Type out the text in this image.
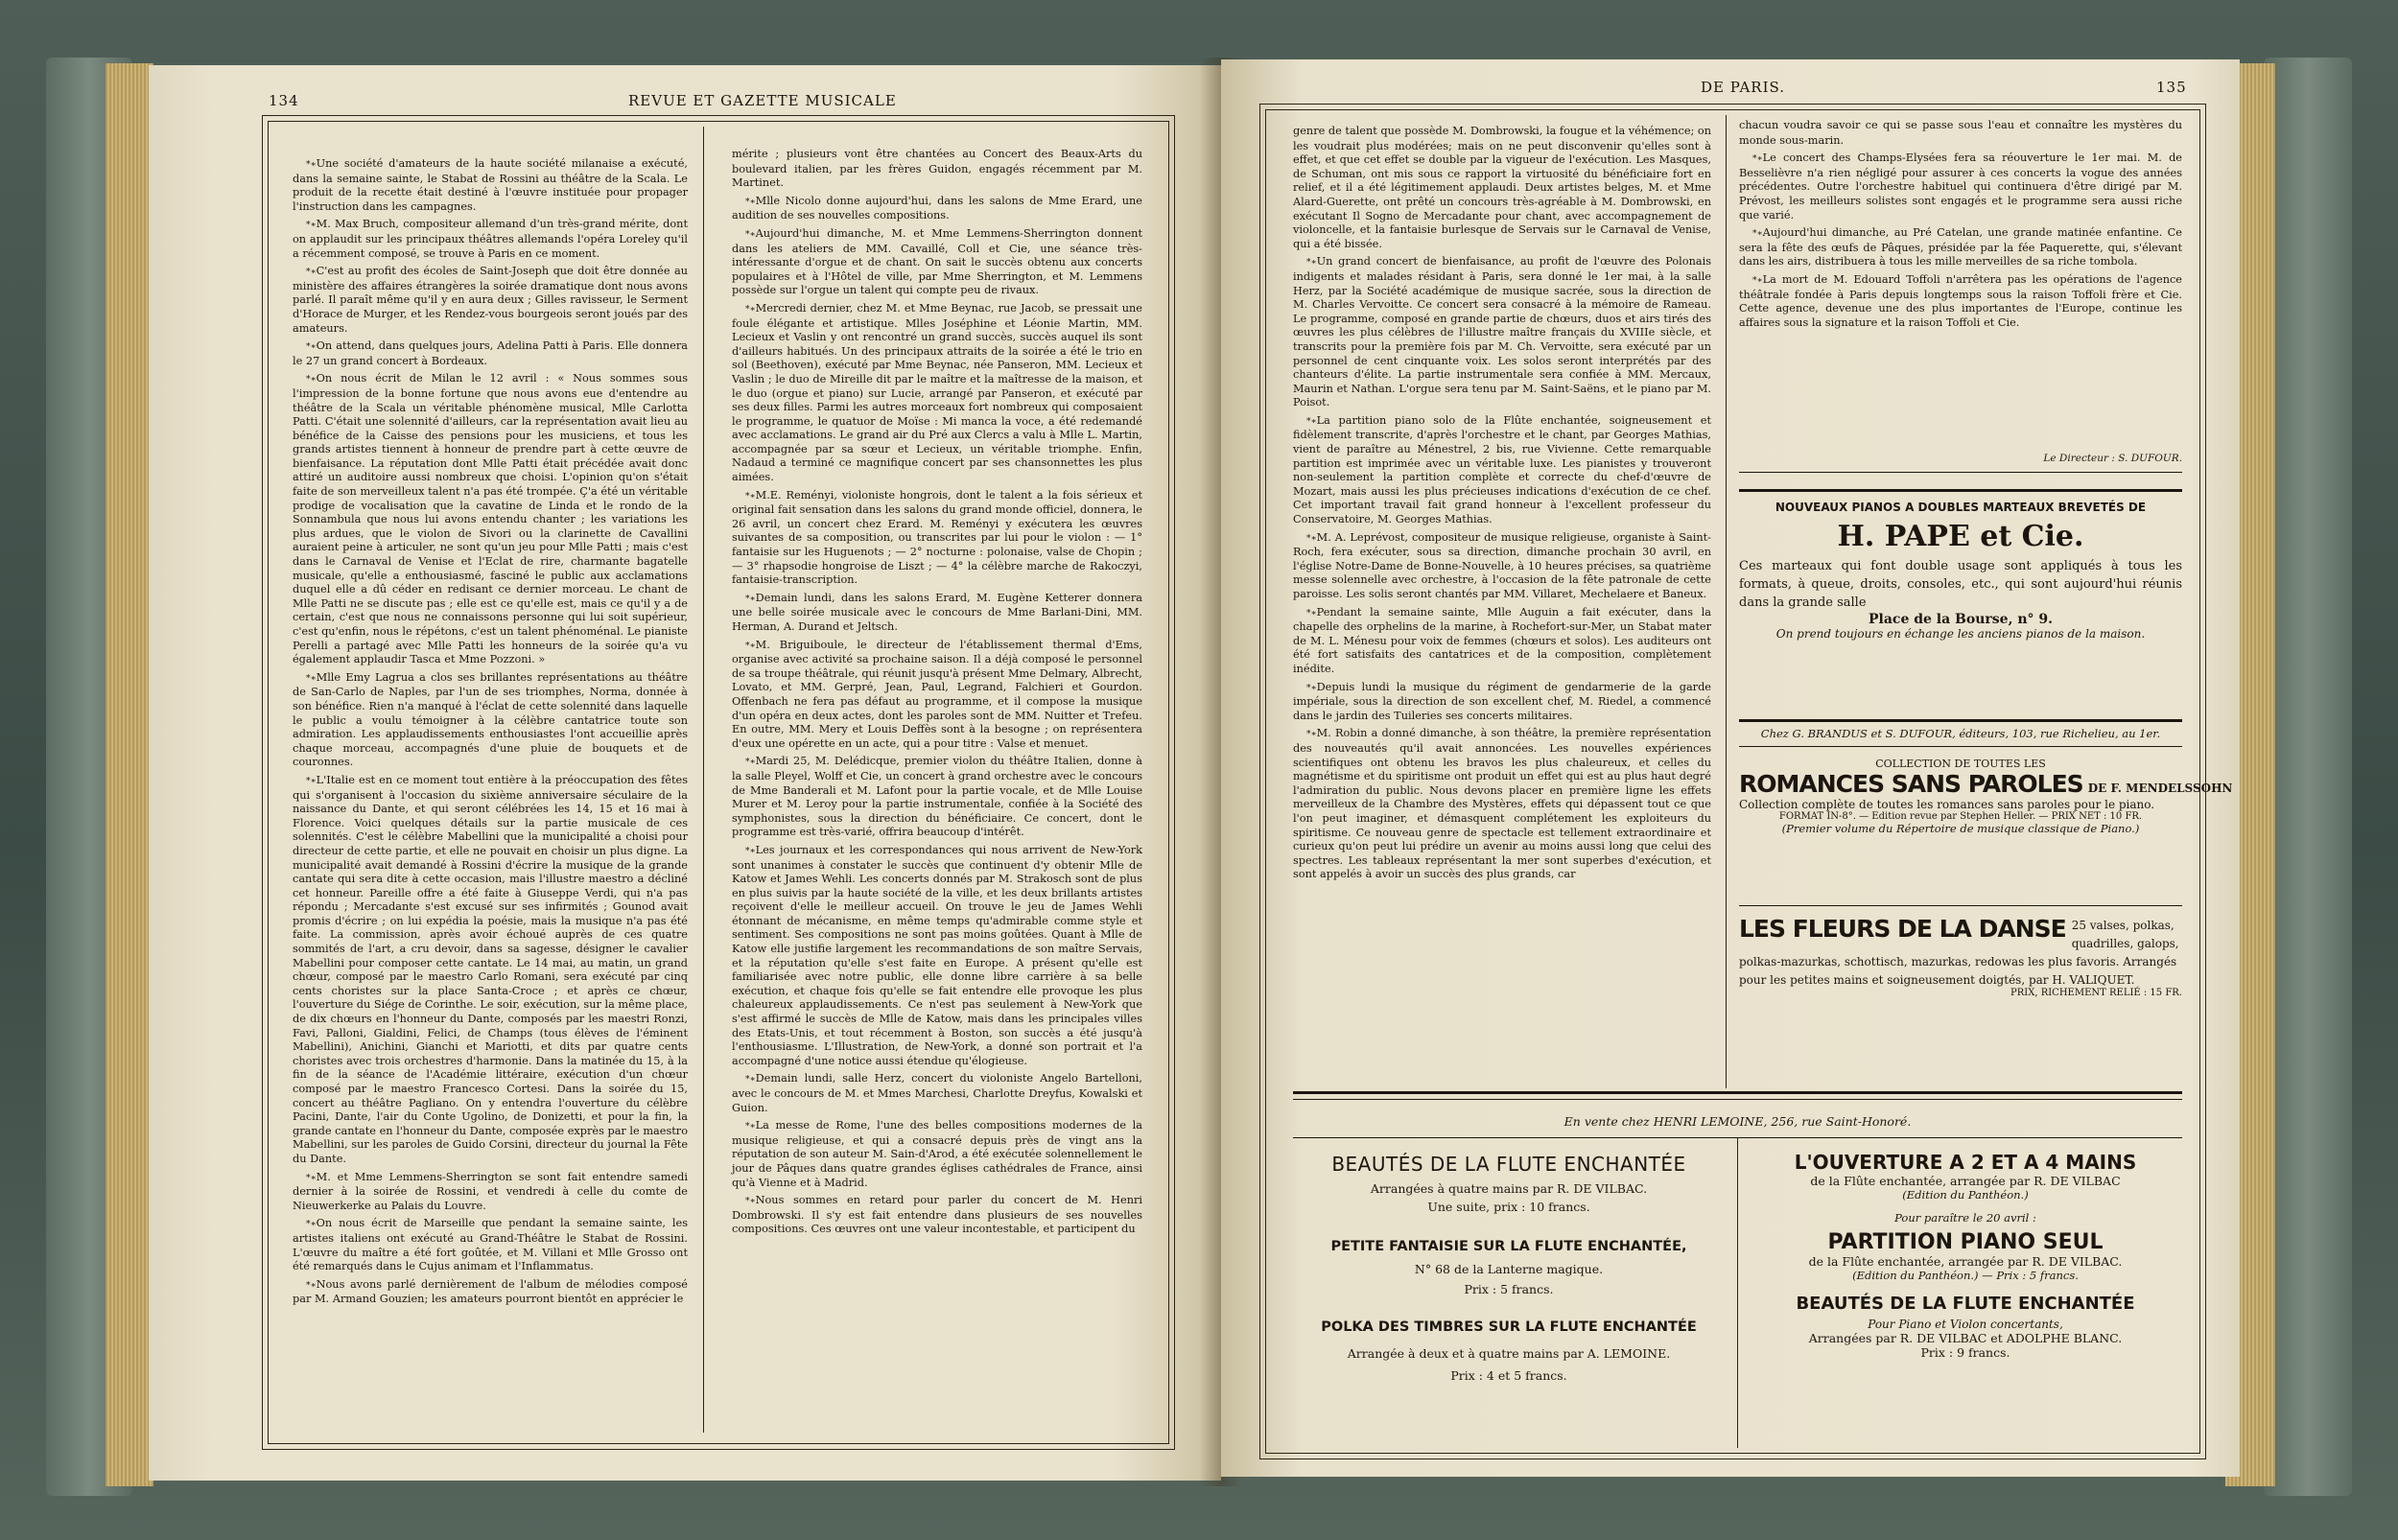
134	REVUE ET GAZETTE MUSICALE

*∗ Une société d'amateurs de la haute société milanaise a exécuté, dans la semaine sainte, le Stabat de Rossini au théâtre de la Scala. Le produit de la recette était destiné à l'œuvre instituée pour propager l'instruction dans les campagnes.

*∗ M. Max Bruch, compositeur allemand d'un très-grand mérite, dont on applaudit sur les principaux théâtres allemands l'opéra Loreley qu'il a récemment composé, se trouve à Paris en ce moment.

*∗ C'est au profit des écoles de Saint-Joseph que doit être donnée au ministère des affaires étrangères la soirée dramatique dont nous avons parlé. Il paraît même qu'il y en aura deux ; Gilles ravisseur, le Serment d'Horace de Murger, et les Rendez-vous bourgeois seront joués par des amateurs.

*∗ On attend, dans quelques jours, Adelina Patti à Paris. Elle donnera le 27 un grand concert à Bordeaux.

*∗ On nous écrit de Milan le 12 avril : « Nous sommes sous l'impression de la bonne fortune que nous avons eue d'entendre au théâtre de la Scala un véritable phénomène musical, Mlle Carlotta Patti. C'était une solennité d'ailleurs, car la représentation avait lieu au bénéfice de la Caisse des pensions pour les musiciens, et tous les grands artistes tiennent à honneur de prendre part à cette œuvre de bienfaisance. La réputation dont Mlle Patti était précédée avait donc attiré un auditoire aussi nombreux que choisi. L'opinion qu'on s'était faite de son merveilleux talent n'a pas été trompée. Ç'a été un véritable prodige de vocalisation que la cavatine de Linda et le rondo de la Sonnambula que nous lui avons entendu chanter ; les variations les plus ardues, que le violon de Sivori ou la clarinette de Cavallini auraient peine à articuler, ne sont qu'un jeu pour Mlle Patti ; mais c'est dans le Carnaval de Venise et l'Eclat de rire, charmante bagatelle musicale, qu'elle a enthousiasmé, fasciné le public aux acclamations duquel elle a dû céder en redisant ce dernier morceau. Le chant de Mlle Patti ne se discute pas ; elle est ce qu'elle est, mais ce qu'il y a de certain, c'est que nous ne connaissons personne qui lui soit supérieur, c'est qu'enfin, nous le répétons, c'est un talent phénoménal. Le pianiste Perelli a partagé avec Mlle Patti les honneurs de la soirée qu'a vu également applaudir Tasca et Mme Pozzoni. »

*∗ Mlle Emy Lagrua a clos ses brillantes représentations au théâtre de San-Carlo de Naples, par l'un de ses triomphes, Norma, donnée à son bénéfice. Rien n'a manqué à l'éclat de cette solennité dans laquelle le public a voulu témoigner à la célèbre cantatrice toute son admiration. Les applaudissements enthousiastes l'ont accueillie après chaque morceau, accompagnés d'une pluie de bouquets et de couronnes.

*∗ L'Italie est en ce moment tout entière à la préoccupation des fêtes qui s'organisent à l'occasion du sixième anniversaire séculaire de la naissance du Dante, et qui seront célébrées les 14, 15 et 16 mai à Florence. Voici quelques détails sur la partie musicale de ces solennités. C'est le célèbre Mabellini que la municipalité a choisi pour directeur de cette partie, et elle ne pouvait en choisir un plus digne. La municipalité avait demandé à Rossini d'écrire la musique de la grande cantate qui sera dite à cette occasion, mais l'illustre maestro a décliné cet honneur. Pareille offre a été faite à Giuseppe Verdi, qui n'a pas répondu ; Mercadante s'est excusé sur ses infirmités ; Gounod avait promis d'écrire ; on lui expédia la poésie, mais la musique n'a pas été faite. La commission, après avoir échoué auprès de ces quatre sommités de l'art, a cru devoir, dans sa sagesse, désigner le cavalier Mabellini pour composer cette cantate. Le 14 mai, au matin, un grand chœur, composé par le maestro Carlo Romani, sera exécuté par cinq cents choristes sur la place Santa-Croce ; et après ce chœur, l'ouverture du Siége de Corinthe. Le soir, exécution, sur la même place, de dix chœurs en l'honneur du Dante, composés par les maestri Ronzi, Favi, Palloni, Gialdini, Felici, de Champs (tous élèves de l'éminent Mabellini), Anichini, Gianchi et Mariotti, et dits par quatre cents choristes avec trois orchestres d'harmonie. Dans la matinée du 15, à la fin de la séance de l'Académie littéraire, exécution d'un chœur composé par le maestro Francesco Cortesi. Dans la soirée du 15, concert au théâtre Pagliano. On y entendra l'ouverture du célèbre Pacini, Dante, l'air du Conte Ugolino, de Donizetti, et pour la fin, la grande cantate en l'honneur du Dante, composée exprès par le maestro Mabellini, sur les paroles de Guido Corsini, directeur du journal la Fête du Dante.

*∗ M. et Mme Lemmens-Sherrington se sont fait entendre samedi dernier à la soirée de Rossini, et vendredi à celle du comte de Nieuwerkerke au Palais du Louvre.

*∗ On nous écrit de Marseille que pendant la semaine sainte, les artistes italiens ont exécuté au Grand-Théâtre le Stabat de Rossini. L'œuvre du maître a été fort goûtée, et M. Villani et Mlle Grosso ont été remarqués dans le Cujus animam et l'Inflammatus.

*∗ Nous avons parlé dernièrement de l'album de mélodies composé par M. Armand Gouzien; les amateurs pourront bientôt en apprécier le

mérite ; plusieurs vont être chantées au Concert des Beaux-Arts du boulevard italien, par les frères Guidon, engagés récemment par M. Martinet.

*∗ Mlle Nicolo donne aujourd'hui, dans les salons de Mme Erard, une audition de ses nouvelles compositions.

*∗ Aujourd'hui dimanche, M. et Mme Lemmens-Sherrington donnent dans les ateliers de MM. Cavaillé, Coll et Cie, une séance très-intéressante d'orgue et de chant. On sait le succès obtenu aux concerts populaires et à l'Hôtel de ville, par Mme Sherrington, et M. Lemmens possède sur l'orgue un talent qui compte peu de rivaux.

*∗ Mercredi dernier, chez M. et Mme Beynac, rue Jacob, se pressait une foule élégante et artistique. Mlles Joséphine et Léonie Martin, MM. Lecieux et Vaslin y ont rencontré un grand succès, succès auquel ils sont d'ailleurs habitués. Un des principaux attraits de la soirée a été le trio en sol (Beethoven), exécuté par Mme Beynac, née Panseron, MM. Lecieux et Vaslin ; le duo de Mireille dit par le maître et la maîtresse de la maison, et le duo (orgue et piano) sur Lucie, arrangé par Panseron, et exécuté par ses deux filles. Parmi les autres morceaux fort nombreux qui composaient le programme, le quatuor de Moïse : Mi manca la voce, a été redemandé avec acclamations. Le grand air du Pré aux Clercs a valu à Mlle L. Martin, accompagnée par sa sœur et Lecieux, un véritable triomphe. Enfin, Nadaud a terminé ce magnifique concert par ses chansonnettes les plus aimées.

*∗ M.E. Reményi, violoniste hongrois, dont le talent a la fois sérieux et original fait sensation dans les salons du grand monde officiel, donnera, le 26 avril, un concert chez Erard. M. Reményi y exécutera les œuvres suivantes de sa composition, ou transcrites par lui pour le violon : — 1° fantaisie sur les Huguenots ; — 2° nocturne : polonaise, valse de Chopin ; — 3° rhapsodie hongroise de Liszt ; — 4° la célèbre marche de Rakoczyi, fantaisie-transcription.

*∗ Demain lundi, dans les salons Erard, M. Eugène Ketterer donnera une belle soirée musicale avec le concours de Mme Barlani-Dini, MM. Herman, A. Durand et Jeltsch.

*∗ M. Briguiboule, le directeur de l'établissement thermal d'Ems, organise avec activité sa prochaine saison. Il a déjà composé le personnel de sa troupe théâtrale, qui réunit jusqu'à présent Mme Delmary, Albrecht, Lovato, et MM. Gerpré, Jean, Paul, Legrand, Falchieri et Gourdon. Offenbach ne fera pas défaut au programme, et il compose la musique d'un opéra en deux actes, dont les paroles sont de MM. Nuitter et Trefeu. En outre, MM. Mery et Louis Deffès sont à la besogne ; on représentera d'eux une opérette en un acte, qui a pour titre : Valse et menuet.

*∗ Mardi 25, M. Delédicque, premier violon du théâtre Italien, donne à la salle Pleyel, Wolff et Cie, un concert à grand orchestre avec le concours de Mme Banderali et M. Lafont pour la partie vocale, et de Mlle Louise Murer et M. Leroy pour la partie instrumentale, confiée à la Société des symphonistes, sous la direction du bénéficiaire. Ce concert, dont le programme est très-varié, offrira beaucoup d'intérêt.

*∗ Les journaux et les correspondances qui nous arrivent de New-York sont unanimes à constater le succès que continuent d'y obtenir Mlle de Katow et James Wehli. Les concerts donnés par M. Strakosch sont de plus en plus suivis par la haute société de la ville, et les deux brillants artistes reçoivent d'elle le meilleur accueil. On trouve le jeu de James Wehli étonnant de mécanisme, en même temps qu'admirable comme style et sentiment. Ses compositions ne sont pas moins goûtées. Quant à Mlle de Katow elle justifie largement les recommandations de son maître Servais, et la réputation qu'elle s'est faite en Europe. A présent qu'elle est familiarisée avec notre public, elle donne libre carrière à sa belle exécution, et chaque fois qu'elle se fait entendre elle provoque les plus chaleureux applaudissements. Ce n'est pas seulement à New-York que s'est affirmé le succès de Mlle de Katow, mais dans les principales villes des Etats-Unis, et tout récemment à Boston, son succès a été jusqu'à l'enthousiasme. L'Illustration, de New-York, a donné son portrait et l'a accompagné d'une notice aussi étendue qu'élogieuse.

*∗ Demain lundi, salle Herz, concert du violoniste Angelo Bartelloni, avec le concours de M. et Mmes Marchesi, Charlotte Dreyfus, Kowalski et Guion.

*∗ La messe de Rome, l'une des belles compositions modernes de la musique religieuse, et qui a consacré depuis près de vingt ans la réputation de son auteur M. Sain-d'Arod, a été exécutée solennellement le jour de Pâques dans quatre grandes églises cathédrales de France, ainsi qu'à Vienne et à Madrid.

*∗ Nous sommes en retard pour parler du concert de M. Henri Dombrowski. Il s'y est fait entendre dans plusieurs de ses nouvelles compositions. Ces œuvres ont une valeur incontestable, et participent du

DE PARIS.	135

genre de talent que possède M. Dombrowski, la fougue et la véhémence; on les voudrait plus modérées; mais on ne peut disconvenir qu'elles sont à effet, et que cet effet se double par la vigueur de l'exécution. Les Masques, de Schuman, ont mis sous ce rapport la virtuosité du bénéficiaire fort en relief, et il a été légitimement applaudi. Deux artistes belges, M. et Mme Alard-Guerette, ont prêté un concours très-agréable à M. Dombrowski, en exécutant Il Sogno de Mercadante pour chant, avec accompagnement de violoncelle, et la fantaisie burlesque de Servais sur le Carnaval de Venise, qui a été bissée.

*∗ Un grand concert de bienfaisance, au profit de l'œuvre des Polonais indigents et malades résidant à Paris, sera donné le 1er mai, à la salle Herz, par la Société académique de musique sacrée, sous la direction de M. Charles Vervoitte. Ce concert sera consacré à la mémoire de Rameau. Le programme, composé en grande partie de chœurs, duos et airs tirés des œuvres les plus célèbres de l'illustre maître français du XVIIIe siècle, et transcrits pour la première fois par M. Ch. Vervoitte, sera exécuté par un personnel de cent cinquante voix. Les solos seront interprétés par des chanteurs d'élite. La partie instrumentale sera confiée à MM. Mercaux, Maurin et Nathan. L'orgue sera tenu par M. Saint-Saëns, et le piano par M. Poisot.

*∗ La partition piano solo de la Flûte enchantée, soigneusement et fidèlement transcrite, d'après l'orchestre et le chant, par Georges Mathias, vient de paraître au Ménestrel, 2 bis, rue Vivienne. Cette remarquable partition est imprimée avec un véritable luxe. Les pianistes y trouveront non-seulement la partition complète et correcte du chef-d'œuvre de Mozart, mais aussi les plus précieuses indications d'exécution de ce chef. Cet important travail fait grand honneur à l'excellent professeur du Conservatoire, M. Georges Mathias.

*∗ M. A. Leprévost, compositeur de musique religieuse, organiste à Saint-Roch, fera exécuter, sous sa direction, dimanche prochain 30 avril, en l'église Notre-Dame de Bonne-Nouvelle, à 10 heures précises, sa quatrième messe solennelle avec orchestre, à l'occasion de la fête patronale de cette paroisse. Les solis seront chantés par MM. Villaret, Mechelaere et Baneux.

*∗ Pendant la semaine sainte, Mlle Auguin a fait exécuter, dans la chapelle des orphelins de la marine, à Rochefort-sur-Mer, un Stabat mater de M. L. Ménesu pour voix de femmes (chœurs et solos). Les auditeurs ont été fort satisfaits des cantatrices et de la composition, complètement inédite.

*∗ Depuis lundi la musique du régiment de gendarmerie de la garde impériale, sous la direction de son excellent chef, M. Riedel, a commencé dans le jardin des Tuileries ses concerts militaires.

*∗ M. Robin a donné dimanche, à son théâtre, la première représentation des nouveautés qu'il avait annoncées. Les nouvelles expériences scientifiques ont obtenu les bravos les plus chaleureux, et celles du magnétisme et du spiritisme ont produit un effet qui est au plus haut degré l'admiration du public. Nous devons placer en première ligne les effets merveilleux de la Chambre des Mystères, effets qui dépassent tout ce que l'on peut imaginer, et démasquent complétement les exploiteurs du spiritisme. Ce nouveau genre de spectacle est tellement extraordinaire et curieux qu'on peut lui prédire un avenir au moins aussi long que celui des spectres. Les tableaux représentant la mer sont superbes d'exécution, et sont appelés à avoir un succès des plus grands, car

chacun voudra savoir ce qui se passe sous l'eau et connaître les mystères du monde sous-marin.

*∗ Le concert des Champs-Elysées fera sa réouverture le 1er mai. M. de Besselièvre n'a rien négligé pour assurer à ces concerts la vogue des années précédentes. Outre l'orchestre habituel qui continuera d'être dirigé par M. Prévost, les meilleurs solistes sont engagés et le programme sera aussi riche que varié.

*∗ Aujourd'hui dimanche, au Pré Catelan, une grande matinée enfantine. Ce sera la fête des œufs de Pâques, présidée par la fée Paquerette, qui, s'élevant dans les airs, distribuera à tous les mille merveilles de sa riche tombola.

*∗ La mort de M. Edouard Toffoli n'arrêtera pas les opérations de l'agence théâtrale fondée à Paris depuis longtemps sous la raison Toffoli frère et Cie. Cette agence, devenue une des plus importantes de l'Europe, continue les affaires sous la signature et la raison Toffoli et Cie.

Le Directeur : S. DUFOUR.
NOUVEAUX PIANOS A DOUBLES MARTEAUX BREVETÉS DE
H. PAPE et Cie.
Ces marteaux qui font double usage sont appliqués à tous les formats, à queue, droits, consoles, etc., qui sont aujourd'hui réunis dans la grande salle
Place de la Bourse, n° 9.
On prend toujours en échange les anciens pianos de la maison.
Chez G. BRANDUS et S. DUFOUR, éditeurs, 103, rue Richelieu, au 1er.
COLLECTION DE TOUTES LES
ROMANCES SANS PAROLES DE F. MENDELSSOHN
Collection complète de toutes les romances sans paroles pour le piano.
FORMAT IN-8°. — Edition revue par Stephen Heller. — PRIX NET : 10 FR.
(Premier volume du Répertoire de musique classique de Piano.)
LES FLEURS DE LA DANSE 25 valses, polkas, quadrilles, galops, polkas-mazurkas, schottisch, mazurkas, redowas les plus favoris. Arrangés pour les petites mains et soigneusement doigtés, par H. VALIQUET.
PRIX, RICHEMENT RELIÉ : 15 FR.
En vente chez HENRI LEMOINE, 256, rue Saint-Honoré.
BEAUTÉS DE LA FLUTE ENCHANTÉE
Arrangées à quatre mains par R. DE VILBAC.
Une suite, prix : 10 francs.
PETITE FANTAISIE SUR LA FLUTE ENCHANTÉE,
N° 68 de la Lanterne magique.
Prix : 5 francs.
POLKA DES TIMBRES SUR LA FLUTE ENCHANTÉE
Arrangée à deux et à quatre mains par A. LEMOINE.
Prix : 4 et 5 francs.
L'OUVERTURE A 2 ET A 4 MAINS
de la Flûte enchantée, arrangée par R. DE VILBAC
(Edition du Panthéon.)
Pour paraître le 20 avril :
PARTITION PIANO SEUL
de la Flûte enchantée, arrangée par R. DE VILBAC.
(Edition du Panthéon.) — Prix : 5 francs.
BEAUTÉS DE LA FLUTE ENCHANTÉE
Pour Piano et Violon concertants,
Arrangées par R. DE VILBAC et ADOLPHE BLANC.
Prix : 9 francs.
